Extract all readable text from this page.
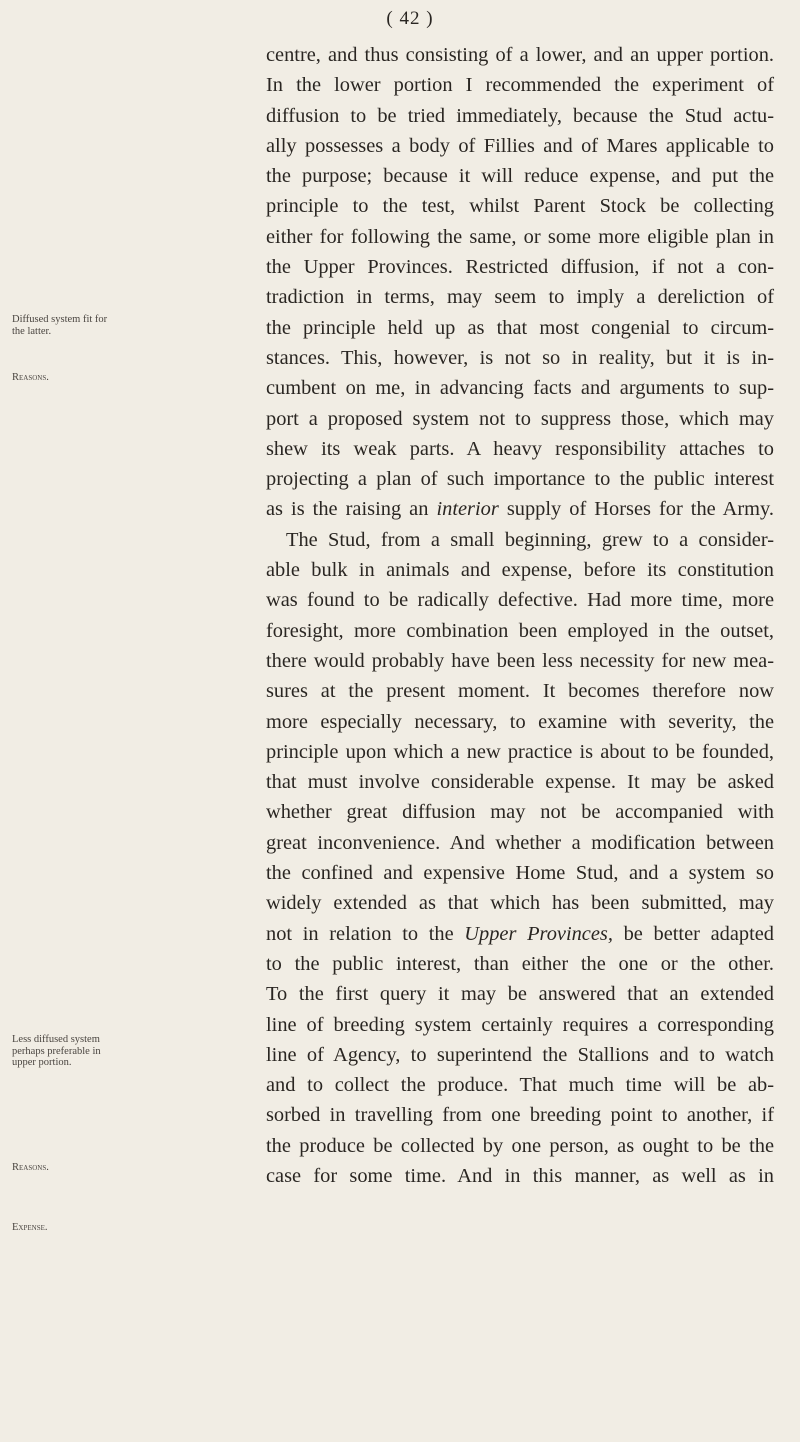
( 42 )
Diffused system fit for the latter.
Reasons.
Less diffused system perhaps preferable in upper portion.
Reasons.
Expense.
centre, and thus consisting of a lower, and an upper portion.
In the lower portion I recommended the experiment of
diffusion to be tried immediately, because the Stud actu-
ally possesses a body of Fillies and of Mares applicable to
the purpose; because it will reduce expense, and put the
principle to the test, whilst Parent Stock be collecting
either for following the same, or some more eligible plan in
the Upper Provinces. Restricted diffusion, if not a con-
tradiction in terms, may seem to imply a dereliction of
the principle held up as that most congenial to circum-
stances. This, however, is not so in reality, but it is in-
cumbent on me, in advancing facts and arguments to sup-
port a proposed system not to suppress those, which may
shew its weak parts. A heavy responsibility attaches to
projecting a plan of such importance to the public interest
as is the raising an interior supply of Horses for the Army.
The Stud, from a small beginning, grew to a consider-
able bulk in animals and expense, before its constitution
was found to be radically defective. Had more time, more
foresight, more combination been employed in the outset,
there would probably have been less necessity for new mea-
sures at the present moment. It becomes therefore now
more especially necessary, to examine with severity, the
principle upon which a new practice is about to be founded,
that must involve considerable expense. It may be asked
whether great diffusion may not be accompanied with
great inconvenience. And whether a modification between
the confined and expensive Home Stud, and a system so
widely extended as that which has been submitted, may
not in relation to the Upper Provinces, be better adapted
to the public interest, than either the one or the other.
To the first query it may be answered that an extended
line of breeding system certainly requires a corresponding
line of Agency, to superintend the Stallions and to watch
and to collect the produce. That much time will be ab-
sorbed in travelling from one breeding point to another, if
the produce be collected by one person, as ought to be the
case for some time. And in this manner, as well as in
